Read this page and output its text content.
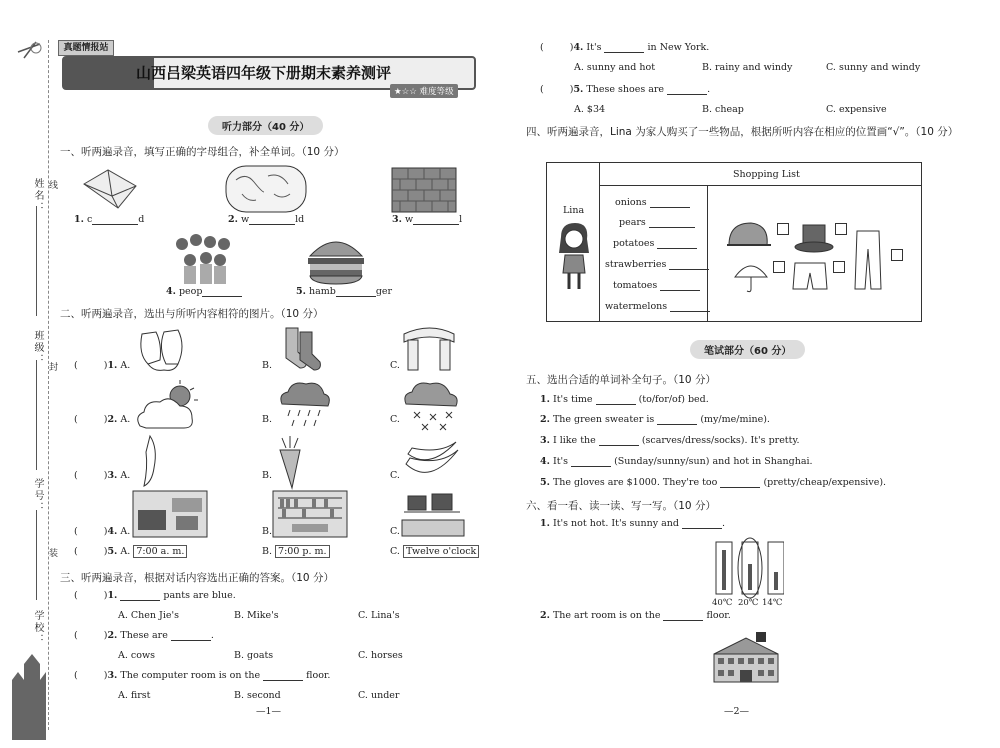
姓名： 线
班级：
封
学号：
装
学校：
真题情报站
山西吕梁英语四年级下册期末素养测评
★☆☆ 难度等级
听力部分（40 分）
一、听两遍录音，填写正确的字母组合，补全单词。（10 分）
1. c	d	2. w	ld	3. w	l
4. peop	5. hamb	ger
二、听两遍录音，选出与所听内容相符的图片。（10 分）
(	)1. A.	B.	C.
(	)2. A.	B.	C.
(	)3. A.	B.	C.
(	)4. A.	B.	C.
(	)5. A. 7:00 a. m.	B. 7:00 p. m.	C. Twelve o'clock
三、听两遍录音，根据对话内容选出正确的答案。（10 分）
(	)1.	pants are blue.
A. Chen Jie's	B. Mike's	C. Lina's
(	)2. These are	.
A. cows	B. goats	C. horses
(	)3. The computer room is on the	floor.
A. first	B. second	C. under
—1—
(	)4. It's	in New York.
A. sunny and hot	B. rainy and windy	C. sunny and windy
(	)5. These shoes are	.
A. $34	B. cheap	C. expensive
四、听两遍录音，Lina 为家人购买了一些物品，根据所听内容在相应的位置画“√”。（10 分）
Shopping List
Lina
onions
pears
potatoes
strawberries
tomatoes
watermelons
笔试部分（60 分）
五、选出合适的单词补全句子。（10 分）
1. It's time	(to/for/of) bed.
2. The green sweater is	(my/me/mine).
3. I like the	(scarves/dress/socks). It's pretty.
4. It's	(Sunday/sunny/sun) and hot in Shanghai.
5. The gloves are $1000. They're too	(pretty/cheap/expensive).
六、看一看、读一读、写一写。（10 分）
1. It's not hot. It's sunny and	.
40℃ 20℃ 14℃
2. The art room is on the	floor.
—2—
